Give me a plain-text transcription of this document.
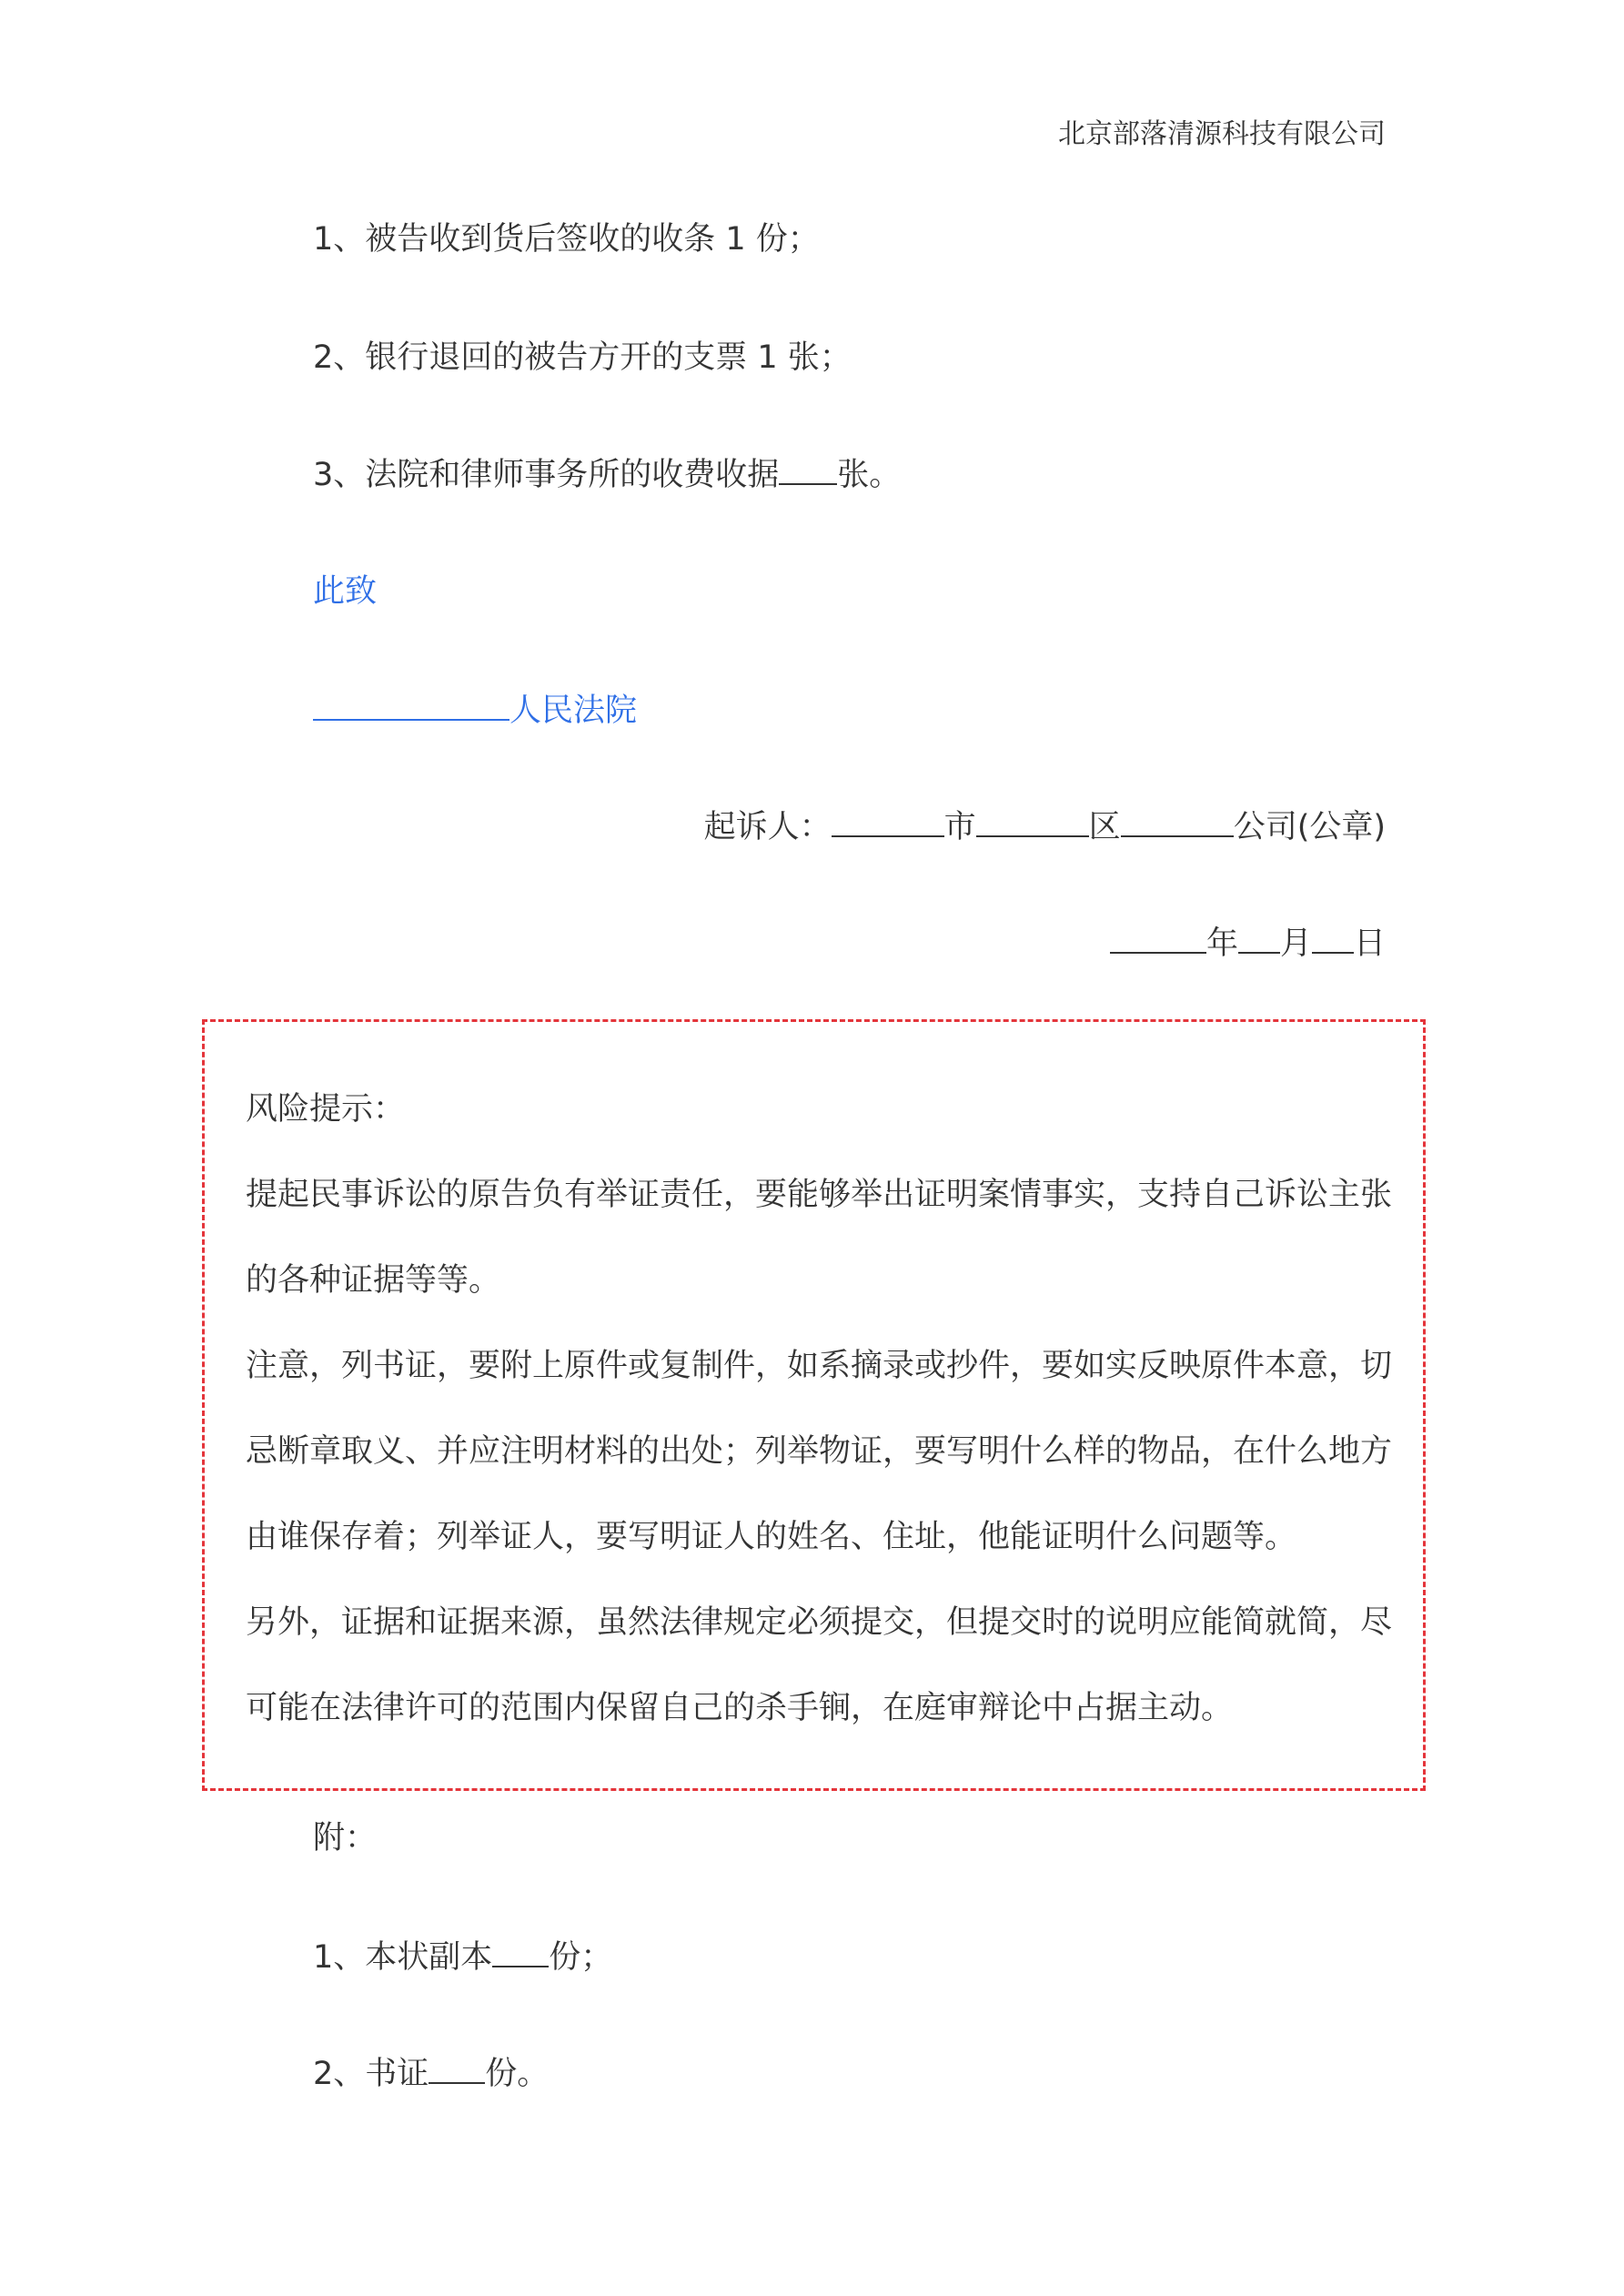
北京部落清源科技有限公司
1、被告收到货后签收的收条 1 份；
2、银行退回的被告方开的支票 1 张；
3、法院和律师事务所的收费收据 张。
此致
人民法院
起诉人：	市	区	公司(公章)
年 月 日
风险提示：
提起民事诉讼的原告负有举证责任，要能够举出证明案情事实，支持自己诉讼主张
的各种证据等等。
注意，列书证，要附上原件或复制件，如系摘录或抄件，要如实反映原件本意，切
忌断章取义、并应注明材料的出处；列举物证，要写明什么样的物品，在什么地方
由谁保存着；列举证人，要写明证人的姓名、住址，他能证明什么问题等。
另外，证据和证据来源，虽然法律规定必须提交，但提交时的说明应能简就简，尽
可能在法律许可的范围内保留自己的杀手锏，在庭审辩论中占据主动。
附：
1、本状副本 份；
2、书证 份。
